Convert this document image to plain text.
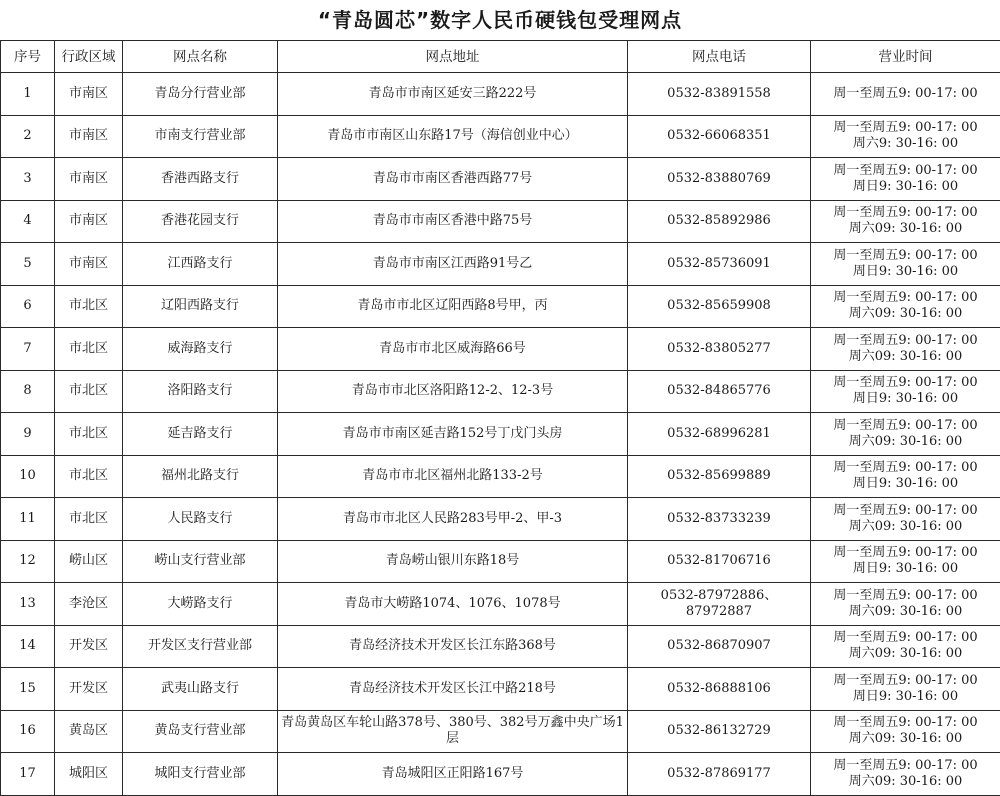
“青岛圆芯”数字人民币硬钱包受理网点
序号	行政区域	网点名称	网点地址	网点电话	营业时间
1	市南区	青岛分行营业部	青岛市市南区延安三路222号	0532-83891558	周一至周五9: 00-17: 00

2	市南区	市南支行营业部	青岛市市南区山东路17号（海信创业中心）	0532-66068351	周一至周五9: 00-17: 00
周六9: 30-16: 00

3	市南区	香港西路支行	青岛市市南区香港西路77号	0532-83880769	周一至周五9: 00-17: 00
周日9: 30-16: 00

4	市南区	香港花园支行	青岛市市南区香港中路75号	0532-85892986	周一至周五9: 00-17: 00
周六09: 30-16: 00

5	市南区	江西路支行	青岛市市南区江西路91号乙	0532-85736091	周一至周五9: 00-17: 00
周日9: 30-16: 00

6	市北区	辽阳西路支行	青岛市市北区辽阳西路8号甲，丙	0532-85659908	周一至周五9: 00-17: 00
周六09: 30-16: 00

7	市北区	威海路支行	青岛市市北区威海路66号	0532-83805277	周一至周五9: 00-17: 00
周六09: 30-16: 00

8	市北区	洛阳路支行	青岛市市北区洛阳路12-2、12-3号	0532-84865776	周一至周五9: 00-17: 00
周日9: 30-16: 00

9	市北区	延吉路支行	青岛市市南区延吉路152号丁戊门头房	0532-68996281	周一至周五9: 00-17: 00
周六09: 30-16: 00

10	市北区	福州北路支行	青岛市市北区福州北路133-2号	0532-85699889	周一至周五9: 00-17: 00
周日9: 30-16: 00

11	市北区	人民路支行	青岛市市北区人民路283号甲-2、甲-3	0532-83733239	周一至周五9: 00-17: 00
周六09: 30-16: 00

12	崂山区	崂山支行营业部	青岛崂山银川东路18号	0532-81706716	周一至周五9: 00-17: 00
周日9: 30-16: 00

13	李沧区	大崂路支行	青岛市大崂路1074、1076、1078号	0532-87972886、87972887	周一至周五9: 00-17: 00
周六09: 30-16: 00

14	开发区	开发区支行营业部	青岛经济技术开发区长江东路368号	0532-86870907	周一至周五9: 00-17: 00
周六09: 30-16: 00

15	开发区	武夷山路支行	青岛经济技术开发区长江中路218号	0532-86888106	周一至周五9: 00-17: 00
周日9: 30-16: 00

16	黄岛区	黄岛支行营业部	青岛黄岛区车轮山路378号、380号、382号万鑫中央广场1层	0532-86132729	周一至周五9: 00-17: 00
周六09: 30-16: 00

17	城阳区	城阳支行营业部	青岛城阳区正阳路167号	0532-87869177	周一至周五9: 00-17: 00
周六09: 30-16: 00
